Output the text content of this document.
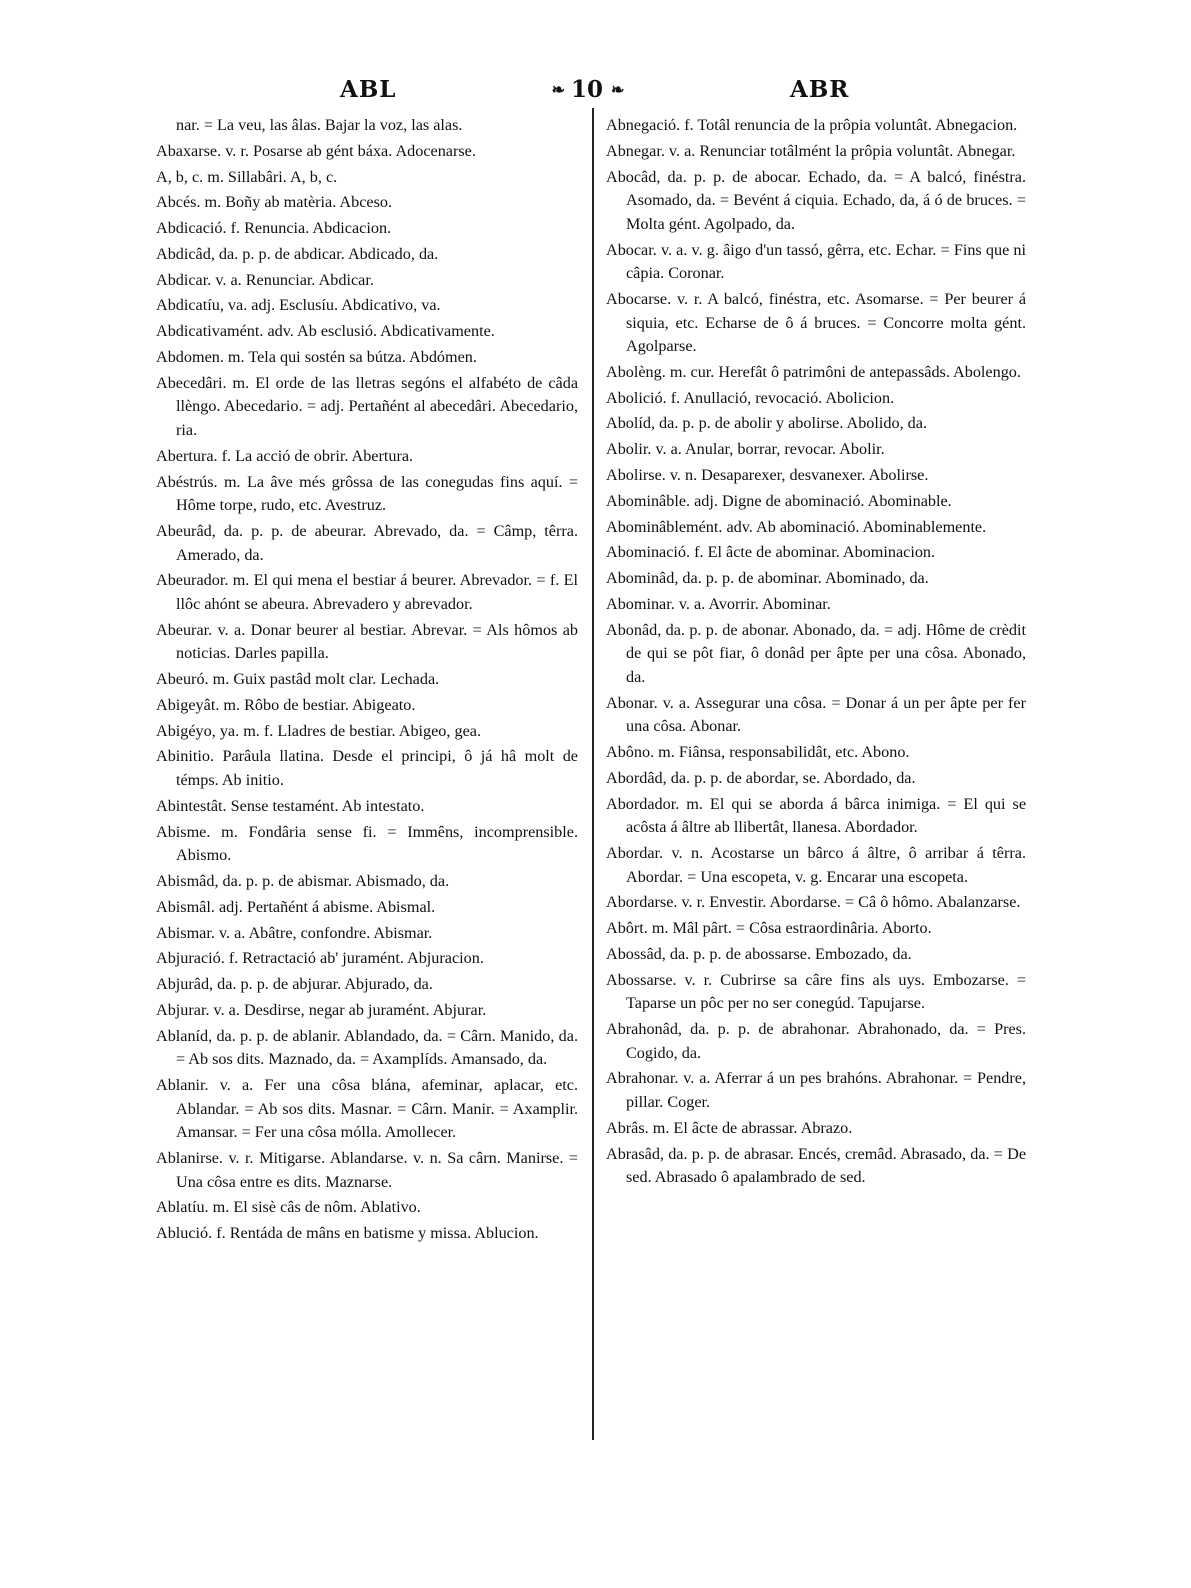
ABL	❧ 10 ❧	ABR

nar. = La veu, las âlas. Bajar la voz, las alas.

Abaxarse. v. r. Posarse ab gént báxa. Adocenarse.

A, b, c. m. Sillabâri. A, b, c.

Abcés. m. Boñy ab matèria. Abceso.

Abdicació. f. Renuncia. Abdicacion.

Abdicâd, da. p. p. de abdicar. Abdicado, da.

Abdicar. v. a. Renunciar. Abdicar.

Abdicatíu, va. adj. Esclusíu. Abdicativo, va.

Abdicativamént. adv. Ab esclusió. Abdicativamente.

Abdomen. m. Tela qui sostén sa bútza. Abdómen.

Abecedâri. m. El orde de las lletras segóns el alfabéto de câda llèngo. Abecedario. = adj. Pertañént al abecedâri. Abecedario, ria.

Abertura. f. La acció de obrir. Abertura.

Abéstrús. m. La âve més grôssa de las conegudas fins aquí. = Hôme torpe, rudo, etc. Avestruz.

Abeurâd, da. p. p. de abeurar. Abrevado, da. = Câmp, têrra. Amerado, da.

Abeurador. m. El qui mena el bestiar á beurer. Abrevador. = f. El llôc ahónt se abeura. Abrevadero y abrevador.

Abeurar. v. a. Donar beurer al bestiar. Abrevar. = Als hômos ab noticias. Darles papilla.

Abeuró. m. Guix pastâd molt clar. Lechada.

Abigeyât. m. Rôbo de bestiar. Abigeato.

Abigéyo, ya. m. f. Lladres de bestiar. Abigeo, gea.

Abinitio. Parâula llatina. Desde el principi, ô já hâ molt de témps. Ab initio.

Abintestât. Sense testamént. Ab intestato.

Abisme. m. Fondâria sense fi. = Immêns, incomprensible. Abismo.

Abismâd, da. p. p. de abismar. Abismado, da.

Abismâl. adj. Pertañént á abisme. Abismal.

Abismar. v. a. Abâtre, confondre. Abismar.

Abjuració. f. Retractació ab' juramént. Abjuracion.

Abjurâd, da. p. p. de abjurar. Abjurado, da.

Abjurar. v. a. Desdirse, negar ab juramént. Abjurar.

Ablaníd, da. p. p. de ablanir. Ablandado, da. = Cârn. Manido, da. = Ab sos dits. Maznado, da. = Axamplíds. Amansado, da.

Ablanir. v. a. Fer una côsa blána, afeminar, aplacar, etc. Ablandar. = Ab sos dits. Masnar. = Cârn. Manir. = Axamplir. Amansar. = Fer una côsa mólla. Amollecer.

Ablanirse. v. r. Mitigarse. Ablandarse. v. n. Sa cârn. Manirse. = Una côsa entre es dits. Maznarse.

Ablatíu. m. El sisè câs de nôm. Ablativo.

Ablució. f. Rentáda de mâns en batisme y missa. Ablucion.

Abnegació. f. Totâl renuncia de la prôpia voluntât. Abnegacion.

Abnegar. v. a. Renunciar totâlmént la prôpia voluntât. Abnegar.

Abocâd, da. p. p. de abocar. Echado, da. = A balcó, finéstra. Asomado, da. = Bevént á ciquia. Echado, da, á ó de bruces. = Molta gént. Agolpado, da.

Abocar. v. a. v. g. âigo d'un tassó, gêrra, etc. Echar. = Fins que ni câpia. Coronar.

Abocarse. v. r. A balcó, finéstra, etc. Asomarse. = Per beurer á siquia, etc. Echarse de ô á bruces. = Concorre molta gént. Agolparse.

Abolèng. m. cur. Herefât ô patrimôni de antepassâds. Abolengo.

Abolició. f. Anullació, revocació. Abolicion.

Abolíd, da. p. p. de abolir y abolirse. Abolido, da.

Abolir. v. a. Anular, borrar, revocar. Abolir.

Abolirse. v. n. Desaparexer, desvanexer. Abolirse.

Abominâble. adj. Digne de abominació. Abominable.

Abominâblemént. adv. Ab abominació. Abominablemente.

Abominació. f. El âcte de abominar. Abominacion.

Abominâd, da. p. p. de abominar. Abominado, da.

Abominar. v. a. Avorrir. Abominar.

Abonâd, da. p. p. de abonar. Abonado, da. = adj. Hôme de crèdit de qui se pôt fiar, ô donâd per âpte per una côsa. Abonado, da.

Abonar. v. a. Assegurar una côsa. = Donar á un per âpte per fer una côsa. Abonar.

Abôno. m. Fiânsa, responsabilidât, etc. Abono.

Abordâd, da. p. p. de abordar, se. Abordado, da.

Abordador. m. El qui se aborda á bârca inimiga. = El qui se acôsta á âltre ab llibertât, llanesa. Abordador.

Abordar. v. n. Acostarse un bârco á âltre, ô arribar á têrra. Abordar. = Una escopeta, v. g. Encarar una escopeta.

Abordarse. v. r. Envestir. Abordarse. = Câ ô hômo. Abalanzarse.

Abôrt. m. Mâl pârt. = Côsa estraordinâria. Aborto.

Abossâd, da. p. p. de abossarse. Embozado, da.

Abossarse. v. r. Cubrirse sa câre fins als uys. Embozarse. = Taparse un pôc per no ser conegúd. Tapujarse.

Abrahonâd, da. p. p. de abrahonar. Abrahonado, da. = Pres. Cogido, da.

Abrahonar. v. a. Aferrar á un pes brahóns. Abrahonar. = Pendre, pillar. Coger.

Abrâs. m. El âcte de abrassar. Abrazo.

Abrasâd, da. p. p. de abrasar. Encés, cremâd. Abrasado, da. = De sed. Abrasado ô apalambrado de sed.
